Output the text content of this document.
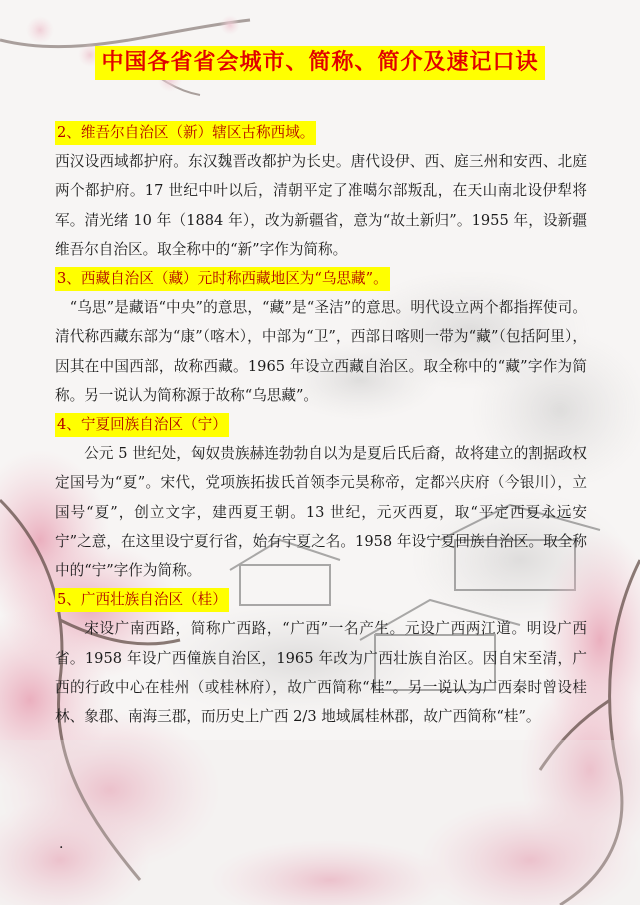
中国各省省会城市、简称、简介及速记口诀
2、维吾尔自治区（新）辖区古称西域。

西汉设西域都护府。东汉魏晋改都护为长史。唐代设伊、西、庭三州和安西、北庭两个都护府。17 世纪中叶以后，清朝平定了准噶尔部叛乱，在天山南北设伊犁将军。清光绪 10 年（1884 年），改为新疆省，意为“故土新归”。1955 年，设新疆维吾尔自治区。取全称中的“新”字作为简称。

3、西藏自治区（藏）元时称西藏地区为“乌思藏”。

“乌思”是藏语“中央”的意思，“藏”是“圣洁”的意思。明代设立两个都指挥使司。清代称西藏东部为“康”（喀木），中部为“卫”，西部日喀则一带为“藏”（包括阿里），因其在中国西部，故称西藏。1965 年设立西藏自治区。取全称中的“藏”字作为简称。另一说认为简称源于故称“乌思藏”。

4、宁夏回族自治区（宁）

公元 5 世纪处，匈奴贵族赫连勃勃自以为是夏后氏后裔，故将建立的割据政权定国号为“夏”。宋代，党项族拓拔氏首领李元昊称帝，定都兴庆府（今银川），立国号“夏”，创立文字，建西夏王朝。13 世纪，元灭西夏，取“平定西夏永远安宁”之意，在这里设宁夏行省，始有宁夏之名。1958 年设宁夏回族自治区。取全称中的“宁”字作为简称。

5、广西壮族自治区（桂）

宋设广南西路，简称广西路，“广西”一名产生。元设广西两江道。明设广西省。1958 年设广西僮族自治区，1965 年改为广西壮族自治区。因自宋至清，广西的行政中心在桂州（或桂林府），故广西简称“桂”。另一说认为广西秦时曾设桂林、象郡、南海三郡，而历史上广西 2/3 地域属桂林郡，故广西简称“桂”。

.
